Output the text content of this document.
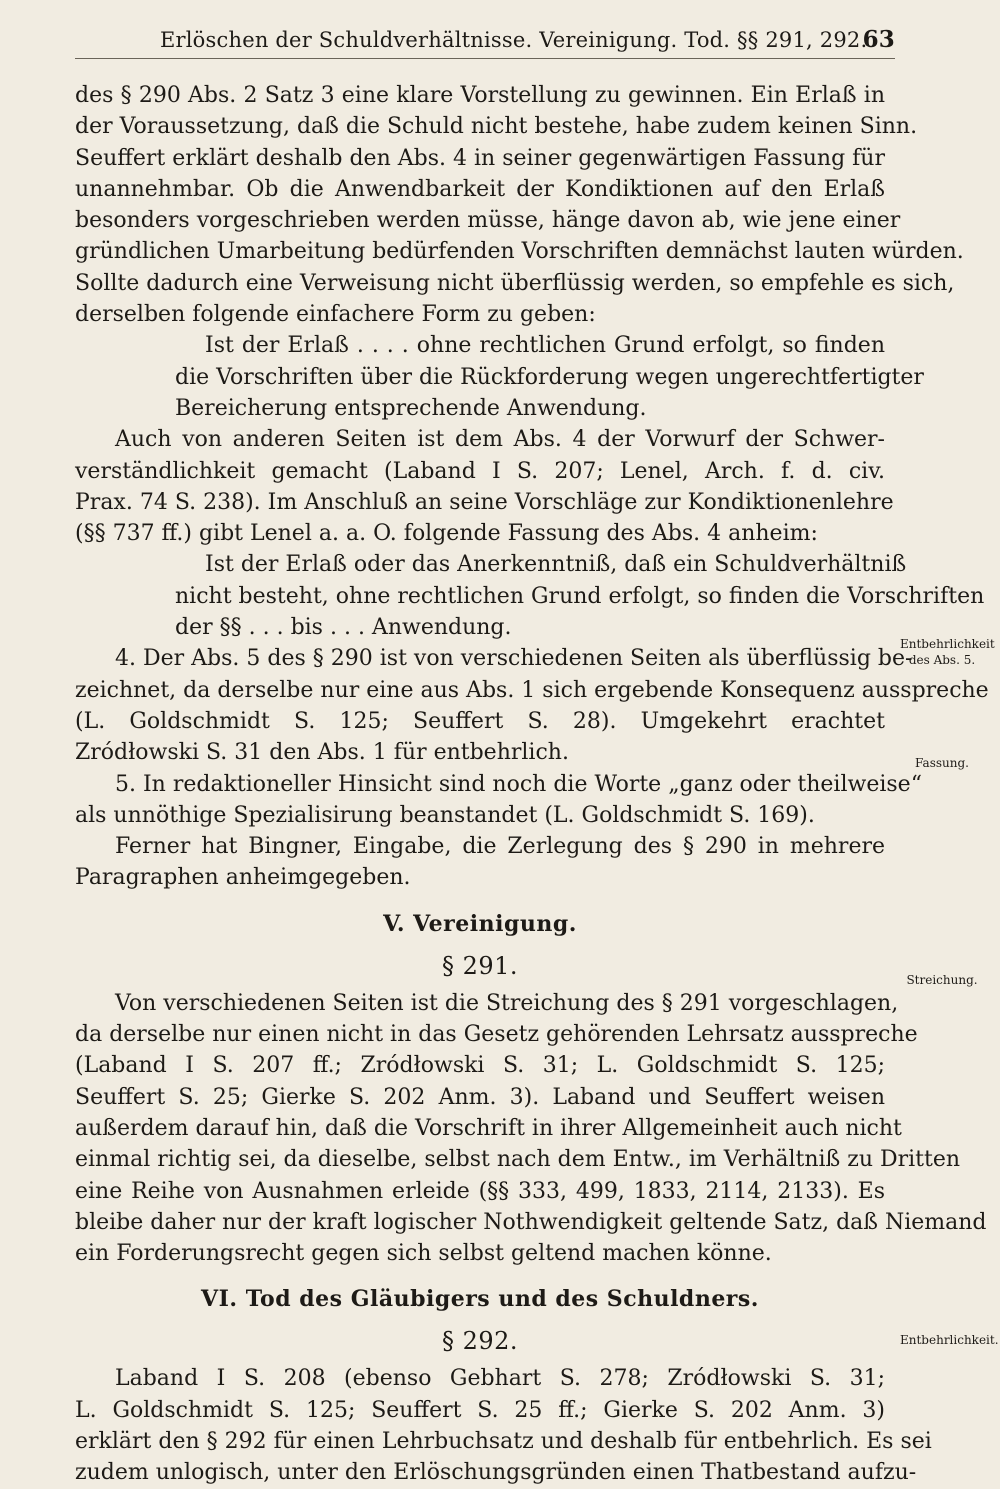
Erlöschen der Schuldverhältnisse. Vereinigung. Tod. §§ 291, 292.
63
des § 290 Abs. 2 Satz 3 eine klare Vorstellung zu gewinnen. Ein Erlaß in
der Voraussetzung, daß die Schuld nicht bestehe, habe zudem keinen Sinn.
Seuffert erklärt deshalb den Abs. 4 in seiner gegenwärtigen Fassung für
unannehmbar. Ob die Anwendbarkeit der Kondiktionen auf den Erlaß
besonders vorgeschrieben werden müsse, hänge davon ab, wie jene einer
gründlichen Umarbeitung bedürfenden Vorschriften demnächst lauten würden.
Sollte dadurch eine Verweisung nicht überflüssig werden, so empfehle es sich,
derselben folgende einfachere Form zu geben:
Ist der Erlaß . . . . ohne rechtlichen Grund erfolgt, so finden
die Vorschriften über die Rückforderung wegen ungerechtfertigter
Bereicherung entsprechende Anwendung.
Auch von anderen Seiten ist dem Abs. 4 der Vorwurf der Schwer-
verständlichkeit gemacht (Laband I S. 207; Lenel, Arch. f. d. civ.
Prax. 74 S. 238). Im Anschluß an seine Vorschläge zur Kondiktionenlehre
(§§ 737 ff.) gibt Lenel a. a. O. folgende Fassung des Abs. 4 anheim:
Ist der Erlaß oder das Anerkenntniß, daß ein Schuldverhältniß
nicht besteht, ohne rechtlichen Grund erfolgt, so finden die Vorschriften
der §§ . . . bis . . . Anwendung.
4. Der Abs. 5 des § 290 ist von verschiedenen Seiten als überflüssig be-
zeichnet, da derselbe nur eine aus Abs. 1 sich ergebende Konsequenz ausspreche
(L. Goldschmidt S. 125; Seuffert S. 28). Umgekehrt erachtet
Zródłowski S. 31 den Abs. 1 für entbehrlich.
5. In redaktioneller Hinsicht sind noch die Worte „ganz oder theilweise“
als unnöthige Spezialisirung beanstandet (L. Goldschmidt S. 169).
Ferner hat Bingner, Eingabe, die Zerlegung des § 290 in mehrere
Paragraphen anheimgegeben.
V. Vereinigung.
§ 291.
Von verschiedenen Seiten ist die Streichung des § 291 vorgeschlagen,
da derselbe nur einen nicht in das Gesetz gehörenden Lehrsatz ausspreche
(Laband I S. 207 ff.; Zródłowski S. 31; L. Goldschmidt S. 125;
Seuffert S. 25; Gierke S. 202 Anm. 3). Laband und Seuffert weisen
außerdem darauf hin, daß die Vorschrift in ihrer Allgemeinheit auch nicht
einmal richtig sei, da dieselbe, selbst nach dem Entw., im Verhältniß zu Dritten
eine Reihe von Ausnahmen erleide (§§ 333, 499, 1833, 2114, 2133). Es
bleibe daher nur der kraft logischer Nothwendigkeit geltende Satz, daß Niemand
ein Forderungsrecht gegen sich selbst geltend machen könne.
VI. Tod des Gläubigers und des Schuldners.
§ 292.
Laband I S. 208 (ebenso Gebhart S. 278; Zródłowski S. 31;
L. Goldschmidt S. 125; Seuffert S. 25 ff.; Gierke S. 202 Anm. 3)
erklärt den § 292 für einen Lehrbuchsatz und deshalb für entbehrlich. Es sei
zudem unlogisch, unter den Erlöschungsgründen einen Thatbestand aufzu-
Entbehrlichkeit des Abs. 5.
Fassung.
Streichung.
Entbehrlichkeit.
